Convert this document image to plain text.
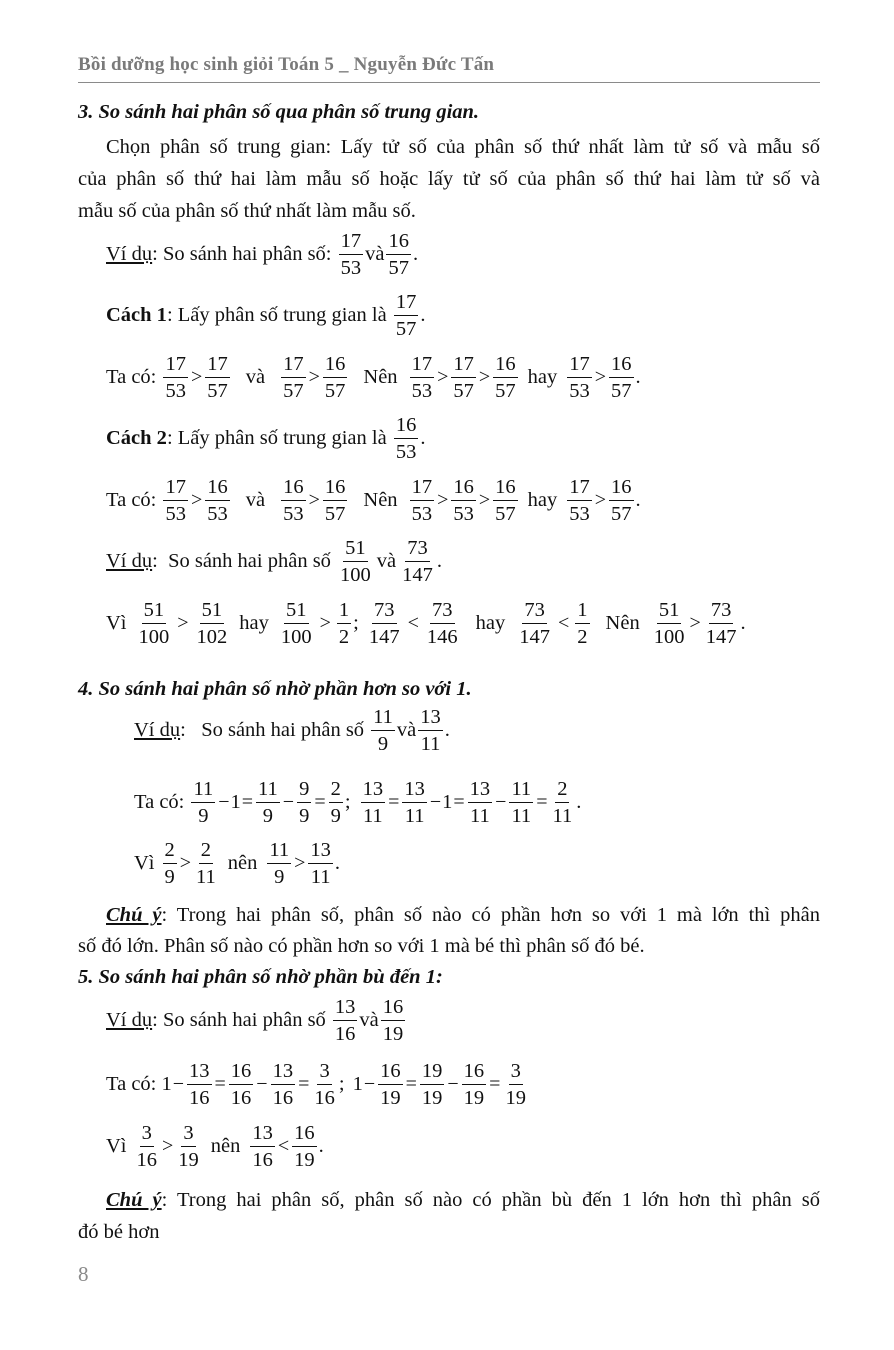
Bồi dưỡng học sinh giỏi Toán 5 _ Nguyễn Đức Tấn
3. So sánh hai phân số qua phân số trung gian.
Chọn phân số trung gian: Lấy tử số của phân số thứ nhất làm tử số và mẫu số
của phân số thứ hai làm mẫu số hoặc lấy tử số của phân số thứ hai làm tử số và
mẫu số của phân số thứ nhất làm mẫu số.
Ví dụ : So sánh hai phân số: $\frac{17}{53}$ và $\frac{16}{57}$ .
Cách 1 : Lấy phân số trung gian là $\frac{17}{57}$ .
Ta có: $\frac{17}{53} > \frac{17}{57}$ và $\frac{17}{57} > \frac{16}{57}$ Nên $\frac{17}{53} > \frac{17}{57} > \frac{16}{57}$ hay $\frac{17}{53} > \frac{16}{57}$ .
Cách 2 : Lấy phân số trung gian là $\frac{16}{53}$ .
Ta có: $\frac{17}{53} > \frac{16}{53}$ và $\frac{16}{53} > \frac{16}{57}$ Nên $\frac{17}{53} > \frac{16}{53} > \frac{16}{57}$ hay $\frac{17}{53} > \frac{16}{57}$ .
Ví dụ :  So sánh hai phân số $\frac{51}{100}$ và $\frac{73}{147}$ .
Vì $\frac{51}{100} > \frac{51}{102}$ hay $\frac{51}{100} > \frac{1}{2}$ ; $\frac{73}{147} < \frac{73}{146}$ hay $\frac{73}{147} < \frac{1}{2}$ Nên $\frac{51}{100} > \frac{73}{147}$ .
4. So sánh hai phân số nhờ phần hơn so với 1.
Ví dụ :   So sánh hai phân số $\frac{11}{9}$ và $\frac{13}{11}$ .
Ta có: $\frac{11}{9} - 1 = \frac{11}{9} - \frac{9}{9} = \frac{2}{9}$ ; $\frac{13}{11} = \frac{13}{11} - 1 = \frac{13}{11} - \frac{11}{11} = \frac{2}{11}$ .
Vì $\frac{2}{9} > \frac{2}{11}$ nên $\frac{11}{9} > \frac{13}{11}$ .
Chú ý: Trong hai phân số, phân số nào có phần hơn so với 1 mà lớn thì phân
số đó lớn. Phân số nào có phần hơn so với 1 mà bé thì phân số đó bé.
5. So sánh hai phân số nhờ phần bù đến 1:
Ví dụ : So sánh hai phân số $\frac{13}{16}$ và $\frac{16}{19}$
Ta có: $1 - \frac{13}{16} = \frac{16}{16} - \frac{13}{16} = \frac{3}{16}$ ; $1 - \frac{16}{19} = \frac{19}{19} - \frac{16}{19} = \frac{3}{19}$
Vì $\frac{3}{16} > \frac{3}{19}$ nên $\frac{13}{16} < \frac{16}{19}$ .
Chú ý: Trong hai phân số, phân số nào có phần bù đến 1 lớn hơn thì phân số
đó bé hơn
8
